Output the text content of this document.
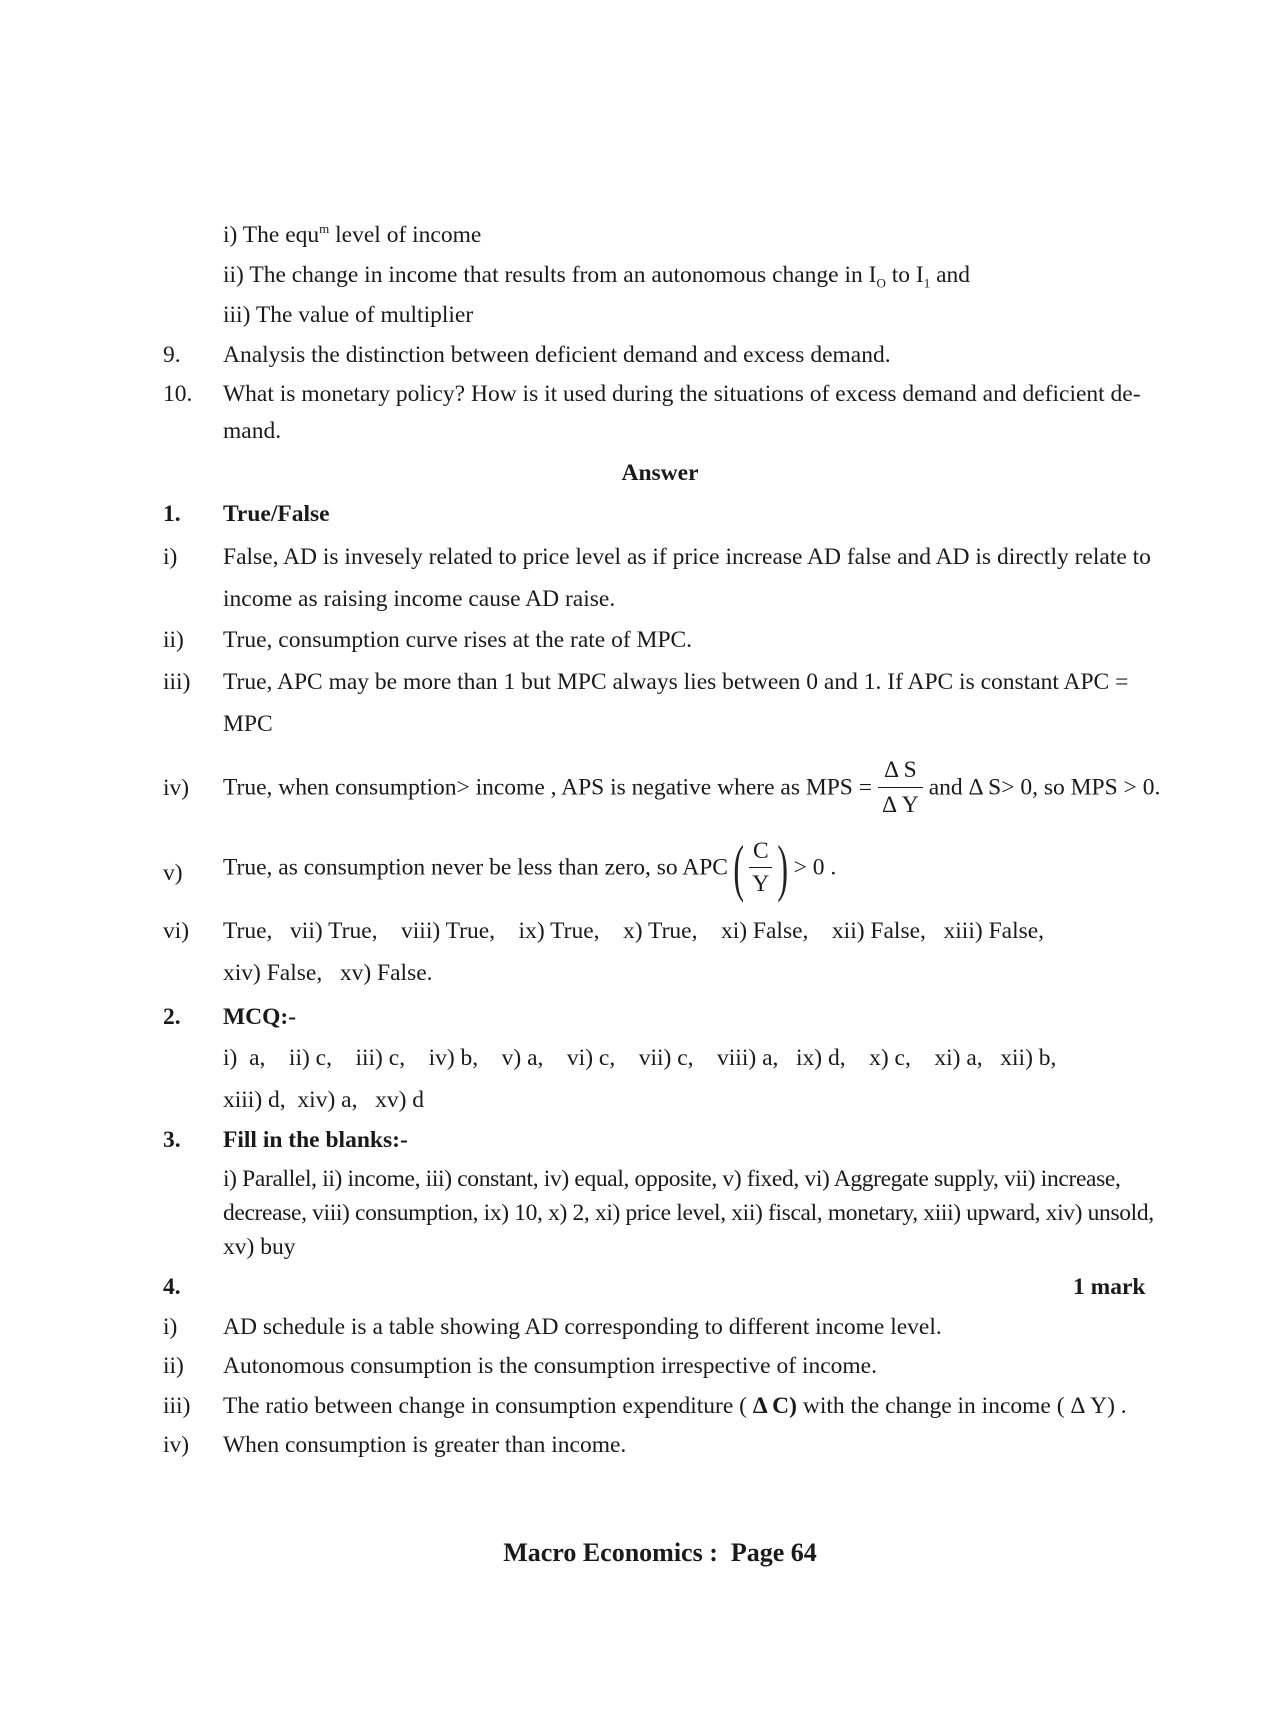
i) The equ$^m$ level of income
ii) The change in income that results from an autonomous change in $I_O$ to $I_1$ and
iii) The value of multiplier
9. Analysis the distinction between deficient demand and excess demand.
10. What is monetary policy? How is it used during the situations of excess demand and deficient de-
mand.
Answer
1. True/False
i) False, AD is invesely related to price level as if price increase AD false and AD is directly relate to
income as raising income cause AD raise.
ii) True, consumption curve rises at the rate of MPC.
iii) True, APC may be more than 1 but MPC always lies between 0 and 1. If APC is constant APC =
MPC
iv) True, when consumption> income , APS is negative where as MPS = $\frac{\text{Δ S}}{\text{Δ Y}}$ and Δ S> 0, so MPS > 0.
v) True, as consumption never be less than zero, so $APC( \frac{C}{Y}$ ) > 0 .
vi) True,   vii) True,    viii) True,    ix) True,    x) True,    xi) False,    xii) False,   xiii) False,
xiv) False,   xv) False.
2. MCQ:-
i)  a,    ii) c,    iii) c,    iv) b,    v) a,    vi) c,    vii) c,    viii) a,   ix) d,    x) c,    xi) a,   xii) b,
xiii) d,  xiv) a,   xv) d
3. Fill in the blanks:-
i) Parallel, ii) income, iii) constant, iv) equal, opposite, v) fixed, vi) Aggregate supply, vii) increase,
decrease, viii) consumption, ix) 10, x) 2, xi) price level, xii) fiscal, monetary, xiii) upward, xiv) unsold,
xv) buy
4.	1 mark
i) AD schedule is a table showing AD corresponding to different income level.
ii) Autonomous consumption is the consumption irrespective of income.
iii) The ratio between change in consumption expenditure ( Δ C) with the change in income ( Δ Y) .
iv) When consumption is greater than income.
Macro Economics :  Page 64
